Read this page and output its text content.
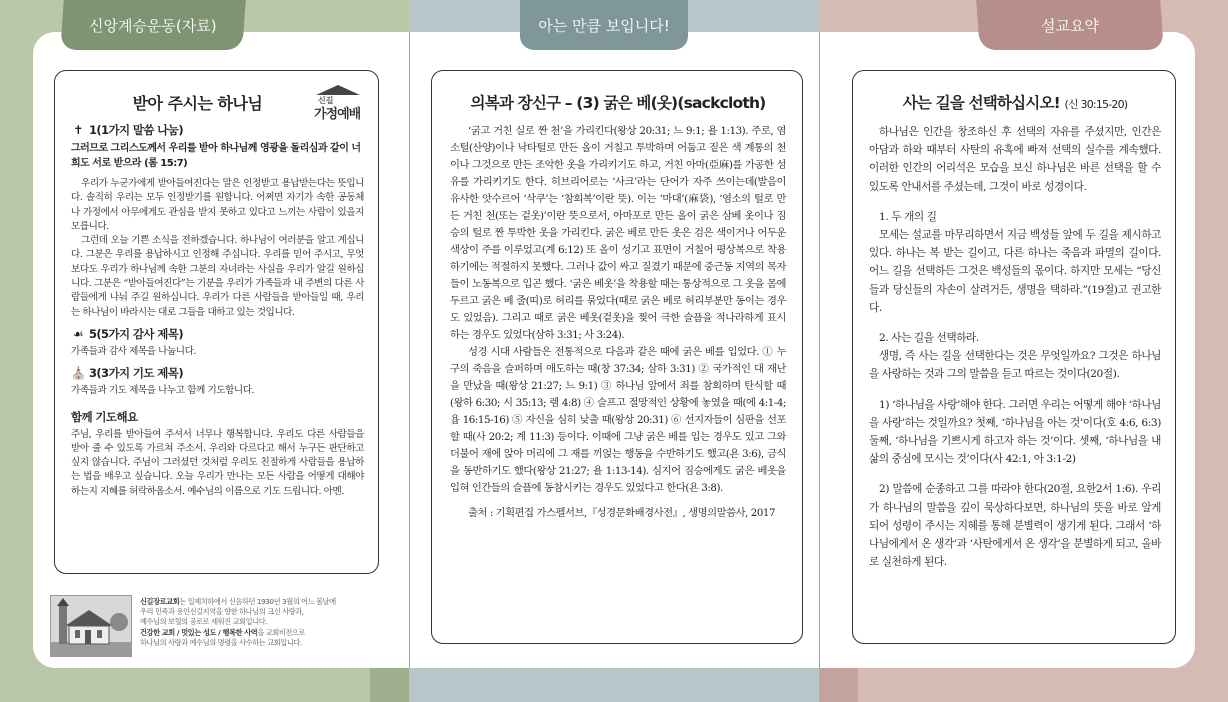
신앙계승운동(자료)	아는 만큼 보입니다!	설교요약
신길
가정예배
받아 주시는 하나님
✝ 1(1가지 말씀 나눔)

그러므로 그리스도께서 우리를 받아 하나님께 영광을 돌리심과 같이 너희도 서로 받으라 (롬 15:7)

우리가 누군가에게 받아들여진다는 말은 인정받고 용납받는다는 뜻입니다. 솔직히 우리는 모두 인정받기를 원합니다. 어쩌면 자기가 속한 공동체나 가정에서 아무에게도 관심을 받지 못하고 있다고 느끼는 사람이 있을지 모릅니다.

그런데 오늘 기쁜 소식을 전하겠습니다. 하나님이 여러분을 알고 계십니다. 그분은 우리를 용납하시고 인정해 주십니다. 우리를 믿어 주시고, 무엇보다도 우리가 하나님께 속한 그분의 자녀라는 사실을 우리가 알길 원하십니다. 그분은 “받아들여진다”는 기분을 우리가 가족들과 내 주변의 다른 사람들에게 나눠 주길 원하십니다. 우리가 다른 사람들을 받아들일 때, 우리는 하나님이 바라시는 대로 그들을 대하고 있는 것입니다.

☙ 5(5가지 감사 제목)

가족들과 감사 제목을 나눕니다.

⛪ 3(3가지 기도 제목)

가족들과 기도 제목을 나누고 함께 기도합니다.

함께 기도해요

주님, 우리를 받아들여 주셔서 너무나 행복합니다. 우리도 다른 사람들을 받아 줄 수 있도록 가르쳐 주소서. 우리와 다르다고 해서 누구든 판단하고 싶지 않습니다. 주님이 그러셨던 것처럼 우리도 친절하게 사람들을 용납하는 법을 배우고 싶습니다. 오늘 우리가 만나는 모든 사람을 어떻게 대해야 하는지 지혜를 허락하옵소서. 예수님의 이름으로 기도 드립니다. 아멘.

신길장로교회는 일제치하에서 신음하던 1930년 3월의 어느 봄날에
우리 민족과 용인신길지역을 향한 하나님의 크신 사랑과,
예수님의 보혈의 공로로 세워진 교회입니다.
건강한 교회 / 멋있는 성도 / 행복한 사역을 교회비전으로
하나님의 사랑과 예수님의 명령을 사수하는 교회입니다.
의복과 장신구 – (3) 굵은 베(옷)(sackcloth)

‘굵고 거친 실로 짠 천’을 가리킨다(왕상 20:31; 느 9:1; 욜 1:13). 주로, 염소털(산양)이나 낙타털로 만든 올이 거칠고 투박하며 어둡고 짙은 색 계통의 천이나 그것으로 만든 조악한 옷을 가리키기도 하고, 거친 아마(亞麻)를 가공한 섬유를 가리키기도 한다. 히브리어로는 ‘사크’라는 단어가 자주 쓰이는데(발음이 유사한 앗수르어 ‘삭쿠’는 ‘참회복’이란 뜻). 이는 ‘마대’(麻袋), ‘염소의 털로 만든 거친 천(또는 겉옷)’이란 뜻으로서, 아마포로 만든 올이 굵은 삼베 옷이나 짐승의 털로 짠 투박한 옷을 가리킨다. 굵은 베로 만든 옷은 검은 색이거나 어두운 색상이 주를 이루었고(계 6:12) 또 올이 성기고 표면이 거칠어 평상복으로 착용하기에는 적절하지 못했다. 그러나 값이 싸고 질겼기 때문에 중근동 지역의 목자들이 노동복으로 입곤 했다. ‘굵은 베옷’을 착용할 때는 통상적으로 그 옷을 몸에 두르고 굵은 베 줄(띠)로 허리를 묶었다(때로 굵은 베로 허리부분만 동이는 경우도 있었음). 그리고 때로 굵은 베옷(겉옷)을 찢어 극한 슬픔을 적나라하게 표시하는 경우도 있었다(삼하 3:31; 사 3:24).

성경 시대 사람들은 전통적으로 다음과 같은 때에 굵은 베를 입었다. ① 누구의 죽음을 슬퍼하며 애도하는 때(창 37:34; 삼하 3:31) ② 국가적인 대 재난을 만났을 때(왕상 21:27; 느 9:1) ③ 하나님 앞에서 죄를 참회하며 탄식할 때(왕하 6:30; 시 35:13; 렘 4:8) ④ 슬프고 절망적인 상황에 놓였을 때(에 4:1-4; 욥 16:15-16) ⑤ 자신을 심히 낮출 때(왕상 20:31) ⑥ 선지자들이 심판을 선포할 때(사 20:2; 계 11:3) 등이다. 이때에 그냥 굵은 베를 입는 경우도 있고 그와 더불어 재에 앉아 머리에 그 재를 끼얹는 행동을 수반하기도 했고(욘 3:6), 금식을 동반하기도 했다(왕상 21:27; 욜 1:13-14). 심지어 짐승에게도 굵은 베옷을 입혀 인간들의 슬픔에 동참시키는 경우도 있었다고 한다(욘 3:8).

출처 : 기획편집 가스펠서브,『성경문화배경사전』, 생명의말씀사, 2017

사는 길을 선택하십시오! (신 30:15-20)

하나님은 인간을 창조하신 후 선택의 자유를 주셨지만, 인간은 아담과 하와 때부터 사탄의 유혹에 빠져 선택의 실수를 계속했다. 이러한 인간의 어리석은 모습을 보신 하나님은 바른 선택을 할 수 있도록 안내서를 주셨는데, 그것이 바로 성경이다.

1. 두 개의 길

모세는 설교를 마무리하면서 지금 백성들 앞에 두 길을 제시하고 있다. 하나는 복 받는 길이고, 다른 하나는 죽음과 파멸의 길이다. 어느 길을 선택하든 그것은 백성들의 몫이다. 하지만 모세는 “당신들과 당신들의 자손이 살려거든, 생명을 택하라.”(19절)고 권고한다.

2. 사는 길을 선택하라.

생명, 즉 사는 길을 선택한다는 것은 무엇일까요? 그것은 하나님을 사랑하는 것과 그의 말씀을 듣고 따르는 것이다(20절).

1) ‘하나님을 사랑’해야 한다. 그러면 우리는 어떻게 해야 ‘하나님을 사랑’하는 것일까요? 첫째, ‘하나님을 아는 것’이다(호 4:6, 6:3) 둘째, ‘하나님을 기쁘시게 하고자 하는 것’이다. 셋째, ‘하나님을 내 삶의 중심에 모시는 것’이다(사 42:1, 아 3:1-2)

2) 말씀에 순종하고 그를 따라야 한다(20절, 요한2서 1:6). 우리가 하나님의 말씀을 깊이 묵상하다보면, 하나님의 뜻을 바로 알게 되어 성령이 주시는 지혜를 통해 분별력이 생기게 된다. 그래서 ‘하나님에게서 온 생각’과 ‘사탄에게서 온 생각’을 분별하게 되고, 올바로 실천하게 된다.
